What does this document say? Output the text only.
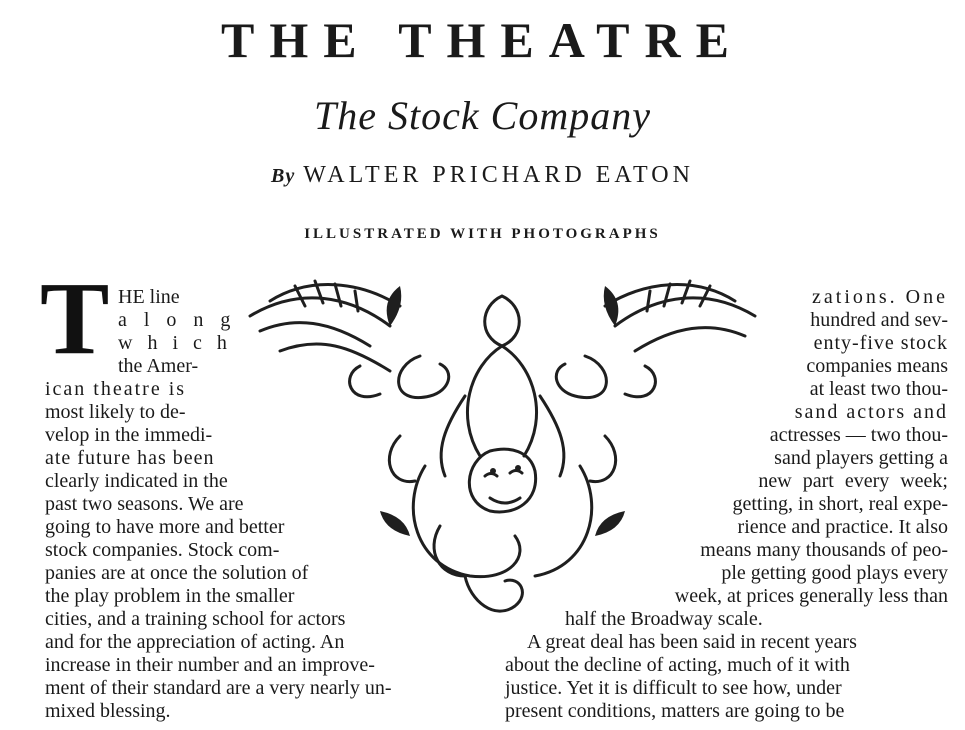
THE THEATRE
The Stock Company
By WALTER PRICHARD EATON
ILLUSTRATED WITH PHOTOGRAPHS
T HE line
a l o n g
w h i c h
the Amer-
ican theatre is
most likely to de-
velop in the immedi-
ate future has been
clearly indicated in the
past two seasons. We are
going to have more and better
stock companies. Stock com-
panies are at once the solution of
the play problem in the smaller
cities, and a training school for actors
and for the appreciation of acting. An
increase in their number and an improve-
ment of their standard are a very nearly un-
mixed blessing.
zations. One
hundred and sev-
enty-five stock
companies means
at least two thou-
sand actors and
actresses — two thou-
sand players getting a
new part every week;
getting, in short, real expe-
rience and practice. It also
means many thousands of peo-
ple getting good plays every
week, at prices generally less than
half the Broadway scale.
A great deal has been said in recent years
about the decline of acting, much of it with
justice. Yet it is difficult to see how, under
present conditions, matters are going to be
